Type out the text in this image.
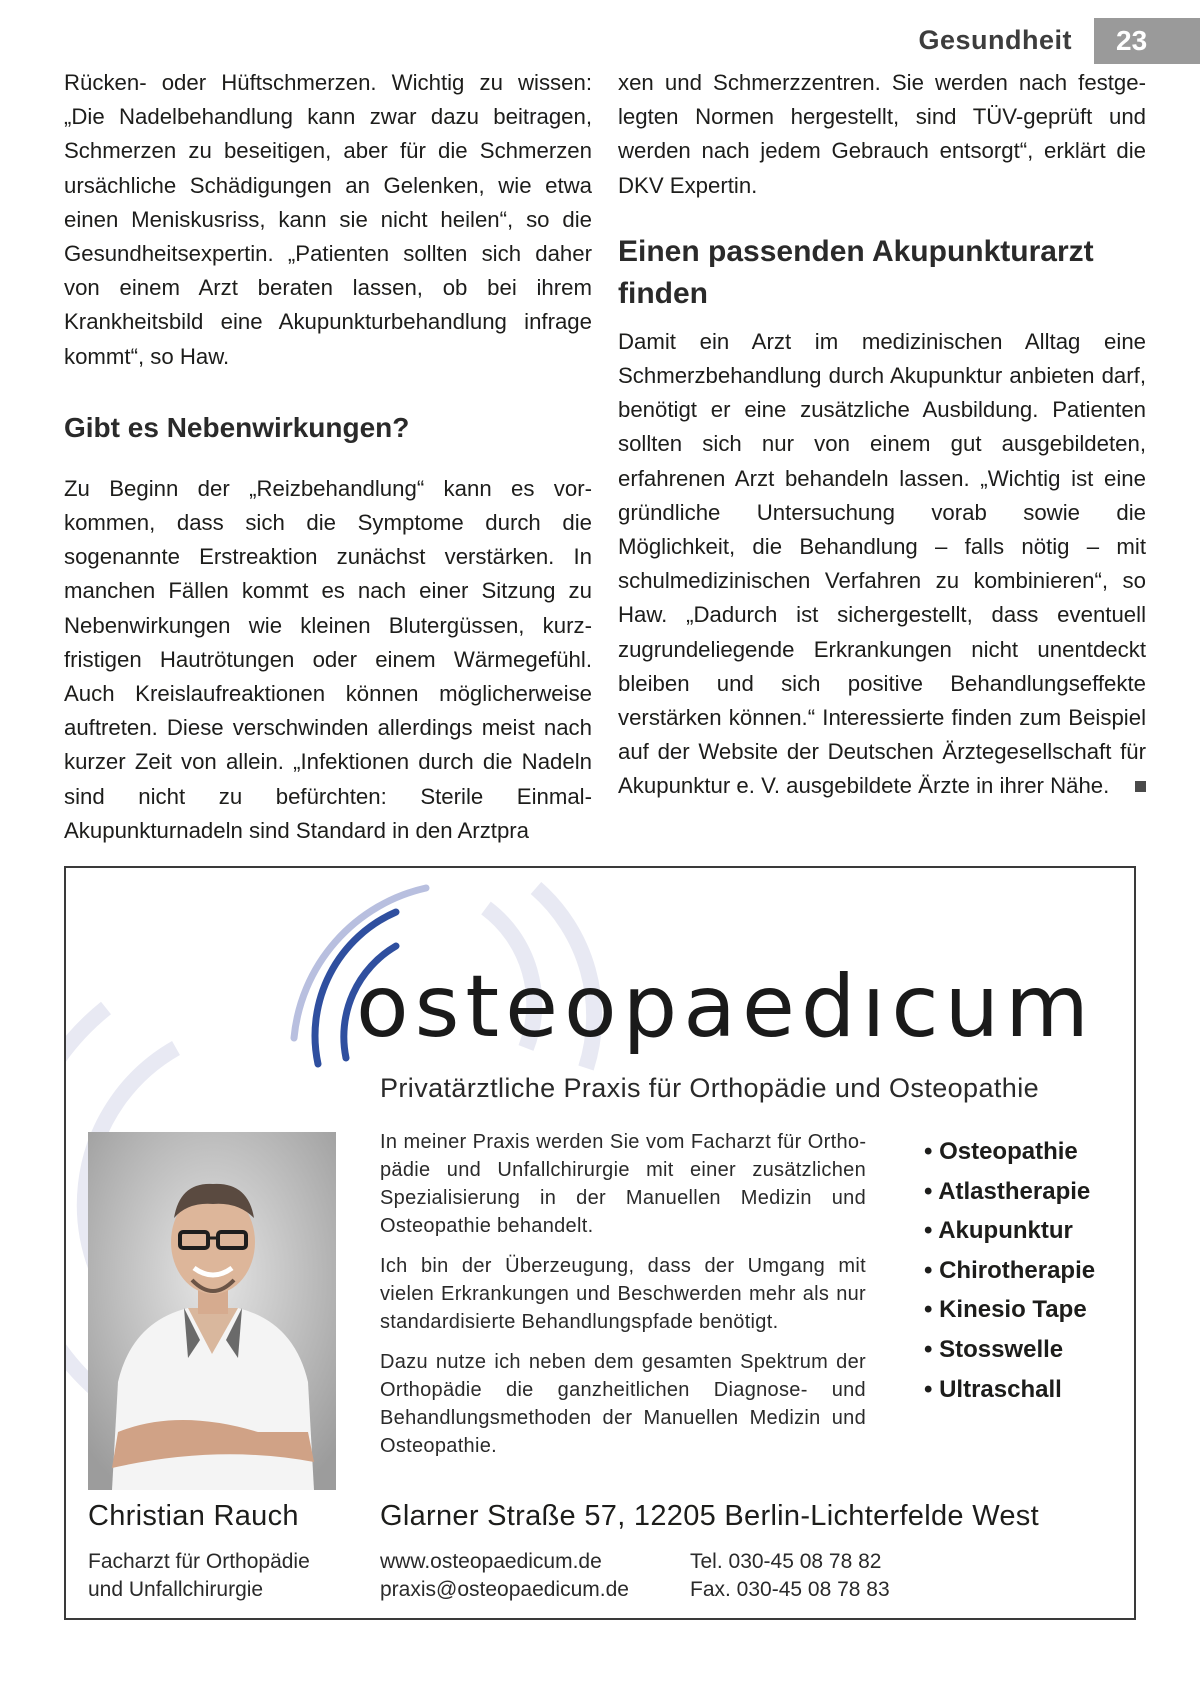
Gesundheit	23

Rücken- oder Hüftschmerzen. Wichtig zu wissen: „Die Nadelbehandlung kann zwar dazu beitragen, Schmerzen zu beseitigen, aber für die Schmerzen ursächliche Schädigungen an Gelenken, wie etwa einen Meniskusriss, kann sie nicht heilen“, so die Gesundheitsexpertin. „Patienten sollten sich daher von einem Arzt beraten lassen, ob bei ihrem Krankheitsbild eine Akupunkturbehandlung infrage kommt“, so Haw.

Gibt es Nebenwirkungen?

Zu Beginn der „Reizbehandlung“ kann es vorkommen, dass sich die Symptome durch die sogenannte Erstreaktion zunächst verstärken. In manchen Fällen kommt es nach einer Sitzung zu Nebenwirkungen wie kleinen Blutergüssen, kurzfristigen Hautrötungen oder einem Wärmegefühl. Auch Kreislaufreaktionen können möglicherweise auftreten. Diese verschwinden allerdings meist nach kurzer Zeit von allein. „Infektionen durch die Nadeln sind nicht zu befürchten: Sterile Einmal-Akupunkturnadeln sind Standard in den Arztpra

xen und Schmerzzentren. Sie werden nach festgelegten Normen hergestellt, sind TÜV-geprüft und werden nach jedem Gebrauch entsorgt“, erklärt die DKV Expertin.

Einen passenden Akupunkturarzt finden

Damit ein Arzt im medizinischen Alltag eine Schmerzbehandlung durch Akupunktur anbieten darf, benötigt er eine zusätzliche Ausbildung. Patienten sollten sich nur von einem gut ausgebildeten, erfahrenen Arzt behandeln lassen. „Wichtig ist eine gründliche Untersuchung vorab sowie die Möglichkeit, die Behandlung – falls nötig – mit schulmedizinischen Verfahren zu kombinieren“, so Haw. „Dadurch ist sichergestellt, dass eventuell zugrundeliegende Erkrankungen nicht unentdeckt bleiben und sich positive Behandlungseffekte verstärken können.“ Interessierte finden zum Beispiel auf der Website der Deutschen Ärztegesellschaft für Akupunktur e. V. ausgebildete Ärzte in ihrer Nähe.

osteopaedıcum
Privatärztliche Praxis für Orthopädie und Osteopathie

In meiner Praxis werden Sie vom Facharzt für Orthopädie und Unfallchirurgie mit einer zusätzlichen Spezialisierung in der Manuellen Medizin und Osteopathie behandelt.

Ich bin der Überzeugung, dass der Umgang mit vielen Erkrankungen und Beschwerden mehr als nur standardisierte Behandlungspfade benötigt.

Dazu nutze ich neben dem gesamten Spektrum der Orthopädie die ganzheitlichen Diagnose- und Behandlungsmethoden der Manuellen Medizin und Osteopathie.

• Osteopathie
• Atlastherapie
• Akupunktur
• Chirotherapie
• Kinesio Tape
• Stosswelle
• Ultraschall
Christian Rauch
Facharzt für Orthopädie
und Unfallchirurgie
Glarner Straße 57, 12205 Berlin-Lichterfelde West
www.osteopaedicum.de
praxis@osteopaedicum.de
Tel. 030-45 08 78 82
Fax. 030-45 08 78 83
